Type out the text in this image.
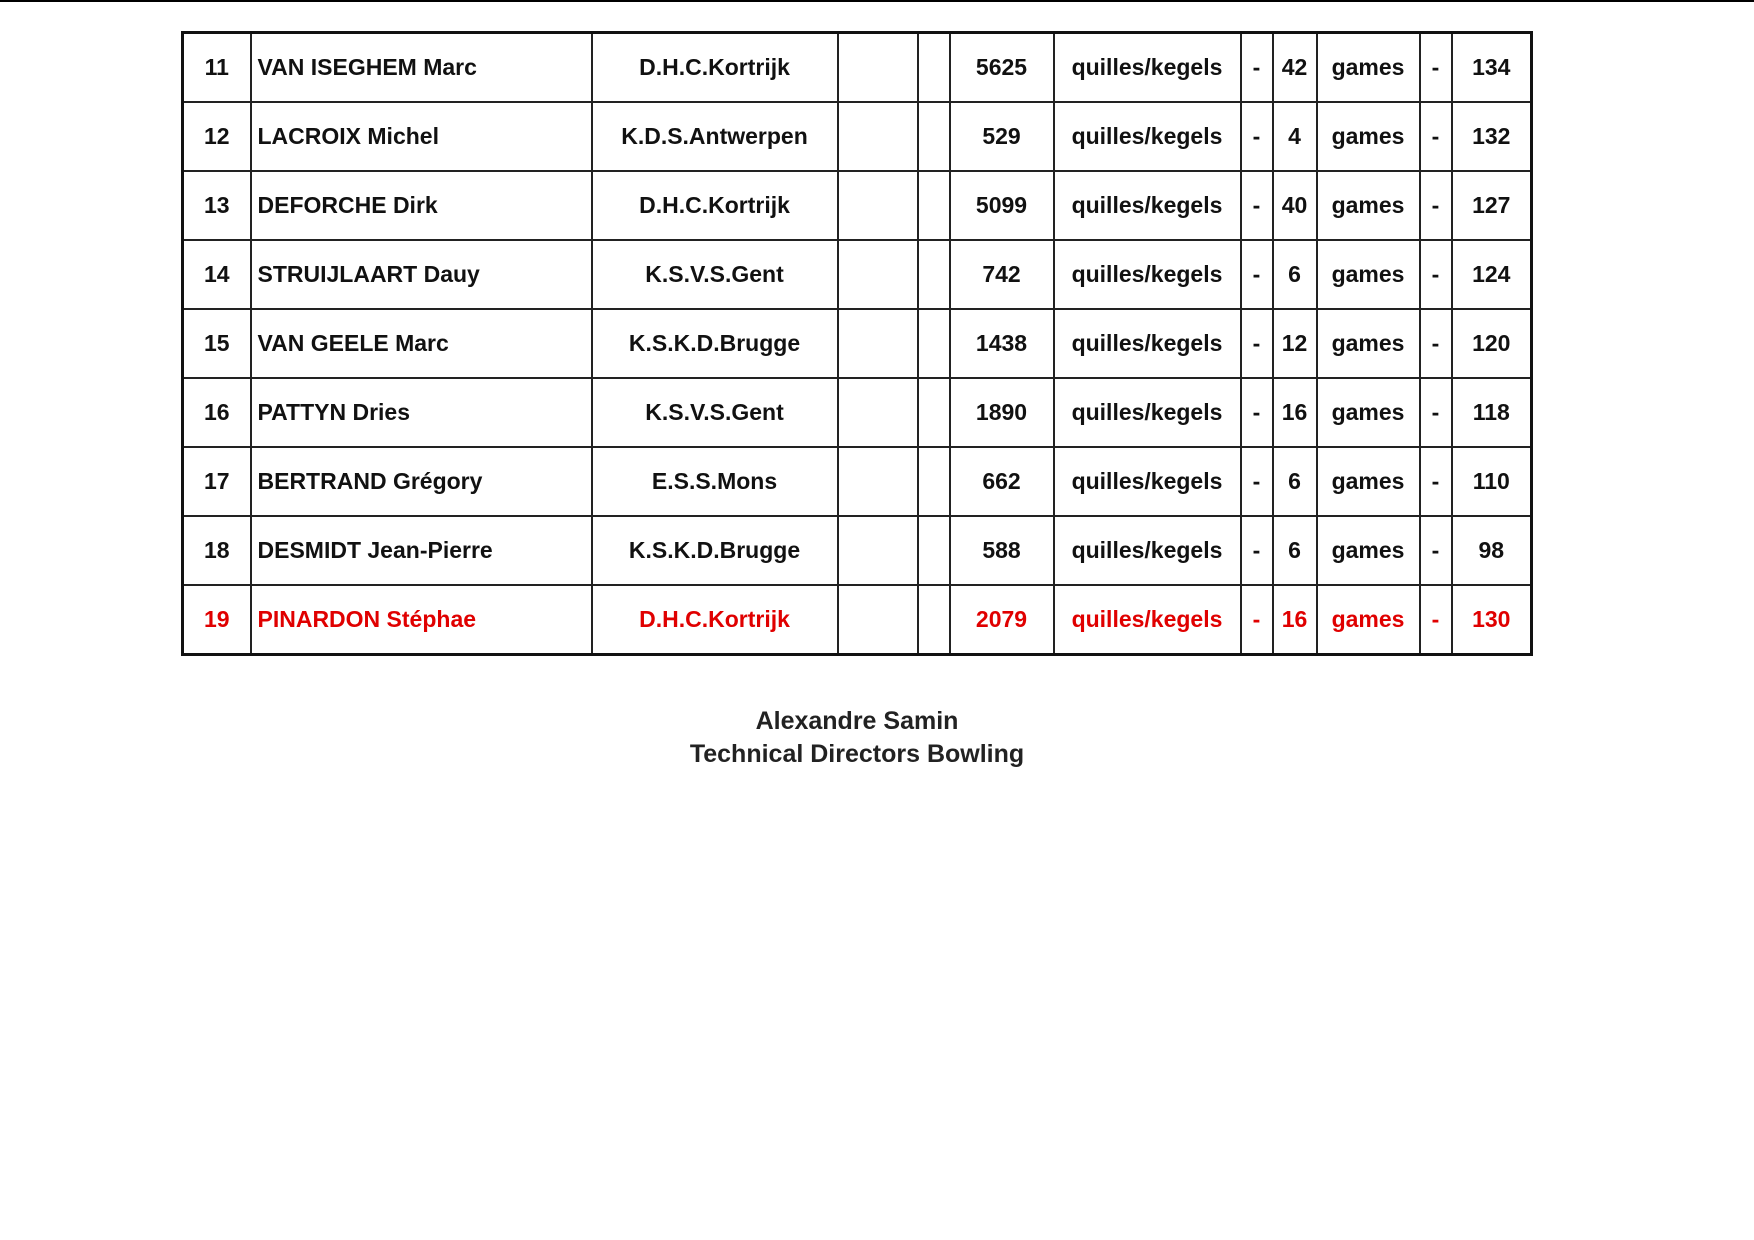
11	VAN ISEGHEM Marc	D.H.C.Kortrijk			5625	quilles/kegels	-	42	games	-	134
12	LACROIX Michel	K.D.S.Antwerpen			529	quilles/kegels	-	4	games	-	132
13	DEFORCHE Dirk	D.H.C.Kortrijk			5099	quilles/kegels	-	40	games	-	127
14	STRUIJLAART Dauy	K.S.V.S.Gent			742	quilles/kegels	-	6	games	-	124
15	VAN GEELE Marc	K.S.K.D.Brugge			1438	quilles/kegels	-	12	games	-	120
16	PATTYN Dries	K.S.V.S.Gent			1890	quilles/kegels	-	16	games	-	118
17	BERTRAND Grégory	E.S.S.Mons			662	quilles/kegels	-	6	games	-	110
18	DESMIDT Jean-Pierre	K.S.K.D.Brugge			588	quilles/kegels	-	6	games	-	98
19	PINARDON Stéphae	D.H.C.Kortrijk			2079	quilles/kegels	-	16	games	-	130
Alexandre Samin
Technical Directors Bowling
